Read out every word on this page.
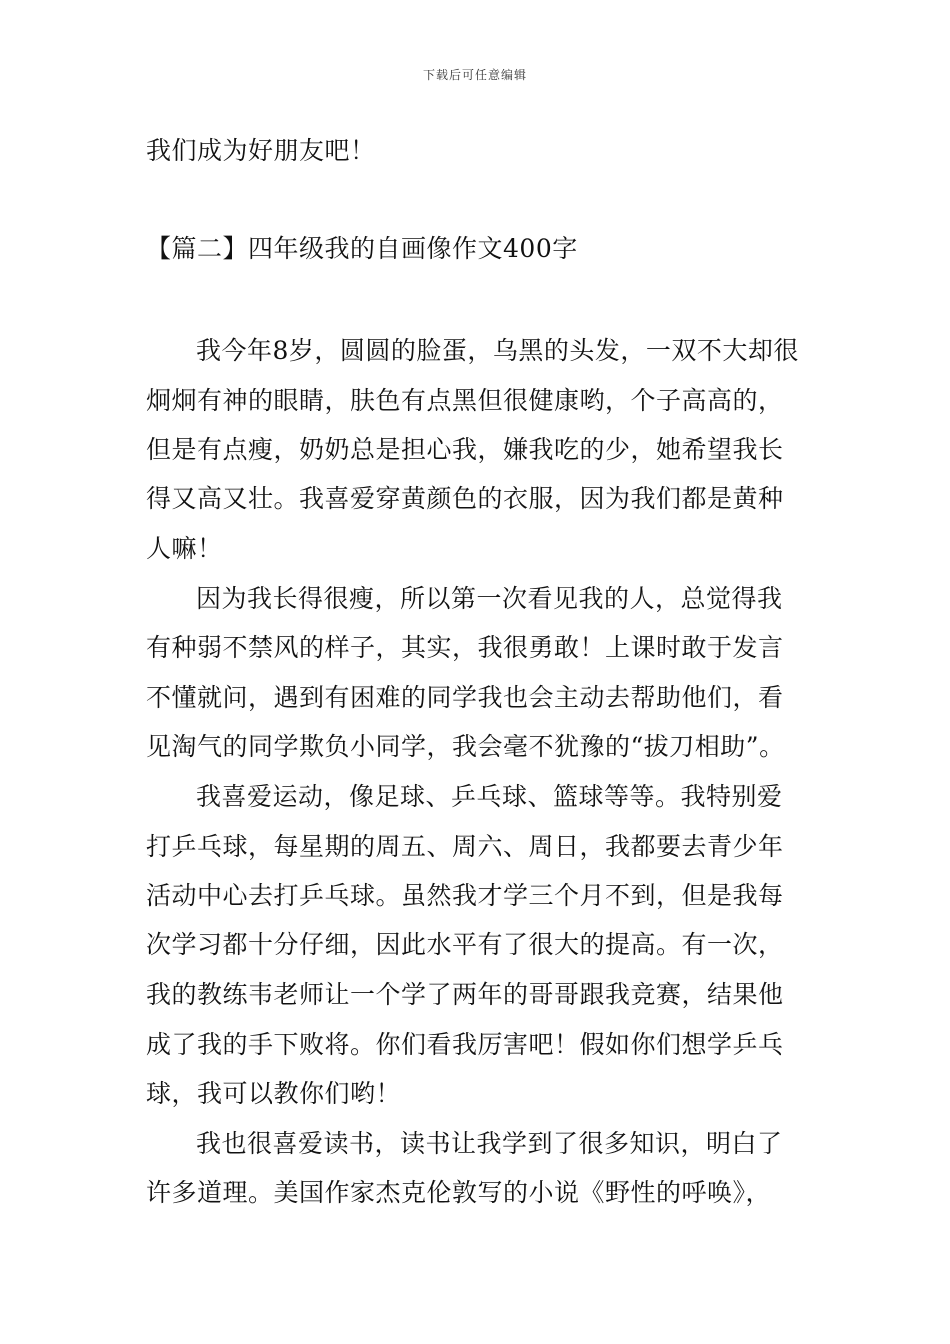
下载后可任意编辑
我们成为好朋友吧！
【篇二】四年级我的自画像作文400字
我今年8岁，圆圆的脸蛋，乌黑的头发，一双不大却很
炯炯有神的眼睛，肤色有点黑但很健康哟，个子高高的，
但是有点瘦，奶奶总是担心我，嫌我吃的少，她希望我长
得又高又壮。我喜爱穿黄颜色的衣服，因为我们都是黄种
人嘛！
因为我长得很瘦，所以第一次看见我的人，总觉得我
有种弱不禁风的样子，其实，我很勇敢！上课时敢于发言
不懂就问，遇到有困难的同学我也会主动去帮助他们，看
见淘气的同学欺负小同学，我会毫不犹豫的“拔刀相助”。
我喜爱运动，像足球、乒乓球、篮球等等。我特别爱
打乒乓球，每星期的周五、周六、周日，我都要去青少年
活动中心去打乒乓球。虽然我才学三个月不到，但是我每
次学习都十分仔细，因此水平有了很大的提高。有一次，
我的教练韦老师让一个学了两年的哥哥跟我竞赛，结果他
成了我的手下败将。你们看我厉害吧！假如你们想学乒乓
球，我可以教你们哟！
我也很喜爱读书，读书让我学到了很多知识，明白了
许多道理。美国作家杰克伦敦写的小说《野性的呼唤》，
